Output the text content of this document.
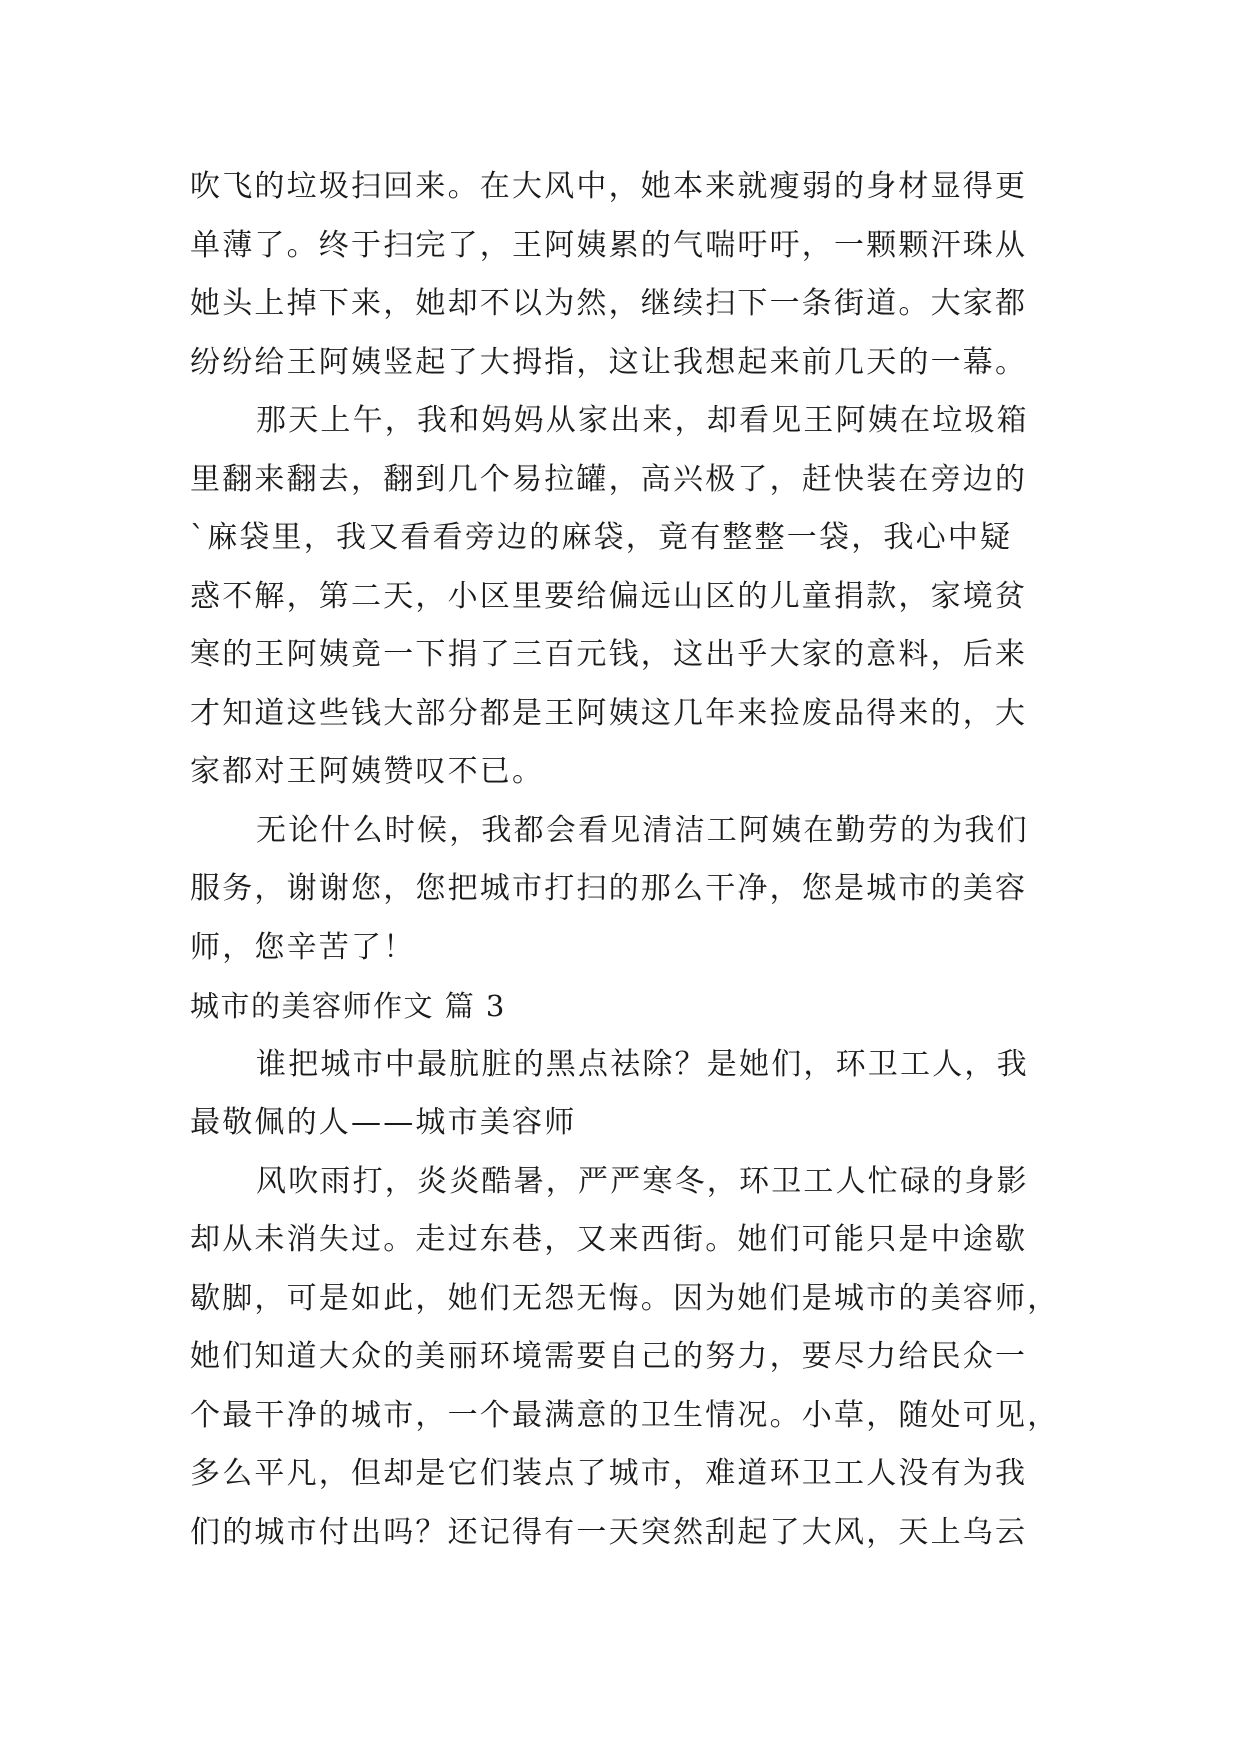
吹飞的垃圾扫回来。在大风中，她本来就瘦弱的身材显得更
单薄了。终于扫完了，王阿姨累的气喘吁吁，一颗颗汗珠从
她头上掉下来，她却不以为然，继续扫下一条街道。大家都
纷纷给王阿姨竖起了大拇指，这让我想起来前几天的一幕。
那天上午，我和妈妈从家出来，却看见王阿姨在垃圾箱
里翻来翻去，翻到几个易拉罐，高兴极了，赶快装在旁边的
`麻袋里，我又看看旁边的麻袋，竟有整整一袋，我心中疑
惑不解，第二天，小区里要给偏远山区的儿童捐款，家境贫
寒的王阿姨竟一下捐了三百元钱，这出乎大家的意料，后来
才知道这些钱大部分都是王阿姨这几年来捡废品得来的，大
家都对王阿姨赞叹不已。
无论什么时候，我都会看见清洁工阿姨在勤劳的为我们
服务，谢谢您，您把城市打扫的那么干净，您是城市的美容
师，您辛苦了！
城市的美容师作文 篇 3
谁把城市中最肮脏的黑点祛除？是她们，环卫工人，我
最敬佩的人——城市美容师
风吹雨打，炎炎酷暑，严严寒冬，环卫工人忙碌的身影
却从未消失过。走过东巷，又来西街。她们可能只是中途歇
歇脚，可是如此，她们无怨无悔。因为她们是城市的美容师，
她们知道大众的美丽环境需要自己的努力，要尽力给民众一
个最干净的城市，一个最满意的卫生情况。小草，随处可见，
多么平凡，但却是它们装点了城市，难道环卫工人没有为我
们的城市付出吗？还记得有一天突然刮起了大风，天上乌云
